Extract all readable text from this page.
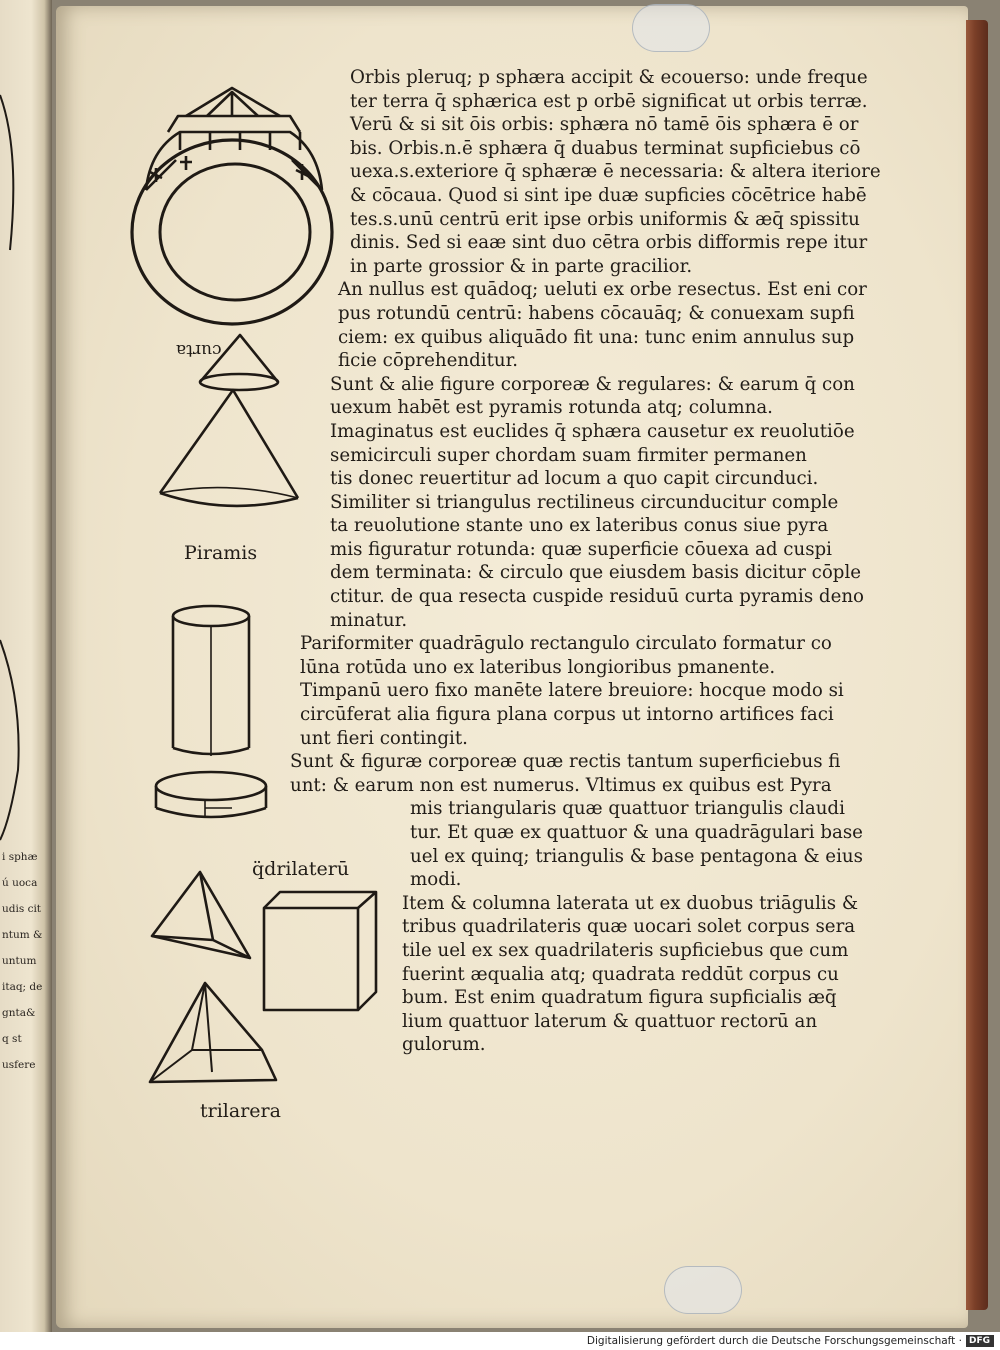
i sphæ
ú uoca
udis cit
ntum &
untum
itaq; de
gnta&
q st
usfere
curta
Piramis
q̈drilaterū
trilarera

Orbis pleruq; p sphæra accipit & ecouerso: unde freque

ter terra q̄ sphærica est p orbē significat ut orbis terræ.

Verū & si sit ōis orbis: sphæra nō tamē ōis sphæra ē or

bis. Orbis.n.ē sphæra q̄ duabus terminat supficiebus cō

uexa.s.exteriore q̄ sphæræ ē necessaria: & altera iteriore

& cōcaua. Quod si sint ipe duæ supficies cōcētrice habē

tes.s.unū centrū erit ipse orbis uniformis & æq̄ spissitu

dinis. Sed si eaæ sint duo cētra orbis difformis repe itur

in parte grossior & in parte gracilior.

An nullus est quādoq; ueluti ex orbe resectus. Est eni cor

pus rotundū centrū: habens cōcauāq; & conuexam supfi

ciem: ex quibus aliquādo fit una: tunc enim annulus sup

ficie cōprehenditur.

Sunt & alie figure corporeæ & regulares: & earum q̄ con

uexum habēt est pyramis rotunda atq; columna.

Imaginatus est euclides q̄ sphæra causetur ex reuolutiōe

semicirculi super chordam suam firmiter permanen

tis donec reuertitur ad locum a quo capit circunduci.

Similiter si triangulus rectilineus circunducitur comple

ta reuolutione stante uno ex lateribus conus siue pyra

mis figuratur rotunda: quæ superficie cōuexa ad cuspi

dem terminata: & circulo que eiusdem basis dicitur cōple

ctitur. de qua resecta cuspide residuū curta pyramis deno

minatur.

Pariformiter quadrāgulo rectangulo circulato formatur co

lūna rotūda uno ex lateribus longioribus pmanente.

Timpanū uero fixo manēte latere breuiore: hocque modo si

circūferat alia figura plana corpus ut intorno artifices faci

unt fieri contingit.

Sunt & figuræ corporeæ quæ rectis tantum superficiebus fi

unt: & earum non est numerus. Vltimus ex quibus est Pyra

mis triangularis quæ quattuor triangulis claudi

tur. Et quæ ex quattuor & una quadrāgulari base

uel ex quinq; triangulis & base pentagona & eius

modi.

Item & columna laterata ut ex duobus triāgulis &

tribus quadrilateris quæ uocari solet corpus sera

tile uel ex sex quadrilateris supficiebus que cum

fuerint æqualia atq; quadrata reddūt corpus cu

bum. Est enim quadratum figura supficialis æq̄

lium quattuor laterum & quattuor rectorū an

gulorum.

Digitalisierung gefördert durch die Deutsche Forschungsgemeinschaft · DFG
